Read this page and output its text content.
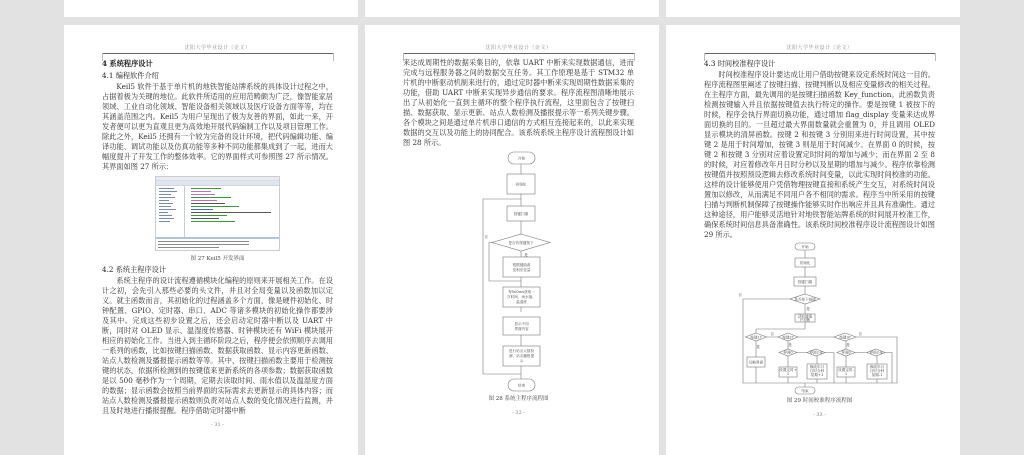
沈阳大学毕业设计（论文）
4 系统程序设计
4.1 编程软件介绍

Keil5 软件于基于单片机的地铁智能站牌系统的具体设计过程之中，占据着极为关键的地位。此软件所适用的应用范畴颇为广泛，像智能家居领域、工业自动化领域、智能设备相关领域以及医疗设备方面等等，均在其涵盖范围之内。Keil5 为用户呈现出了极为友善的界面，如此一来，开发者便可以更为直观且更为高效地开展代码编制工作以及项目管理工作。除此之外，Keil5 还拥有一个较为完备的设计环境，把代码编辑功能、编译功能、调试功能以及仿真功能等多种不同功能都集成到了一起，进而大幅度提升了开发工作的整体效率。它的界面样式可参照图 27 所示情况。其界面如图 27 所示：

图 27 Keil5 开发界面
4.2 系统主程序设计

系统主程序的设计流程遵循模块化编程的原则来开展相关工作。在设计之初，会先引入那些必要的头文件，并且对全局变量以及函数加以定义。就主函数而言，其初始化的过程涵盖多个方面，像是硬件初始化、时钟配置、GPIO、定时器、串口、ADC 等诸多模块的初始化操作都要涉及其中。完成这些初步设置之后，还会启动定时器中断以及 UART 中断，同时对 OLED 显示、温湿度传感器、时钟模块还有 WiFi 模块展开相应的初始化工作。当进入到主循环阶段之后，程序便会依照顺序去调用一系列的函数，比如按键扫描函数、数据获取函数、显示内容更新函数、站点人数检测及播报提示函数等等。其中，按键扫描函数主要用于检测按键的状态，依据所检测到的按键值来更新系统的各项参数；数据获取函数是以 500 毫秒作为一个周期，定期去读取时间、雨水值以及温湿度方面的数据；显示函数会按照当前界面的实际需求去更新显示的具体内容；而站点人数检测及播报提示函数则负责对站点人数的变化情况进行监测，并且及时地进行播报提醒。程序借助定时器中断

- 31 -
沈阳大学毕业设计（论文）

来达成周期性的数据采集目的，依靠 UART 中断来实现数据通信，进而完成与远程服务器之间的数据交互任务。其工作原理是基于 STM32 单片机的中断驱动机制来进行的，通过定时器中断来实现周期性数据采集的功能，借助 UART 中断来实现异步通信的要求。程序流程图清晰地展示出了从初始化一直到主循环的整个程序执行流程，这里面包含了按键扫描、数据获取、显示更新、站点人数检测及播报提示等一系列关键步骤。各个模块之间是通过单片机串口通信的方式相互连接起来的，以此来实现数据的交互以及功能上的协同配合。该系统系统主程序设计流程图设计如图 28 所示。

开始
初始化
按键扫描
是否有按键按下
否
是
根据键值改
变相应变量
每500ms获取一
次时间、雨水值、
温湿度
显示不同
界面内容
进行站点人数检
测、站点播报提
示
结束
图 28 系统主程序流程图
- 32 -
沈阳大学毕业设计（论文）
4.3 时间校准程序设计

时间校准程序设计要达成让用户借助按键来设定系统时间这一目的。程序流程图里阐述了按键扫描、按键判断以及相应变量修改的相关过程。在主程序方面，最先调用的是按键扫描函数 Key_function。此函数负责检测按键输入并且依据按键值去执行特定的操作。要是按键 1 被按下的时候，程序会执行界面切换功能，通过增加 flag_display 变量来达成界面切换的目的。一旦超过最大界面数量就会重置为 0，并且调用 OLED 显示模块的清屏函数。按键 2 和按键 3 分别用来进行时间设置，其中按键 2 是用于时间增加，按键 3 则是用于时间减少。在界面 0 的时候，按键 2 和按键 3 分别对应着设置定时时间的增加与减少；而在界面 2 至 8 的时候，对应着修改年月日时分秒以及星期的增加与减少。程序依靠检测按键值并按照预设逻辑去修改系统时间变量，以此实现时间校准的功能。这样的设计能够使用户凭借物理按键直接和系统产生交互，对系统时间设置加以修改，从而满足不同用户各不相同的需求。程序当中所采用的按键扫描与判断机制保障了按键操作能够实时作出响应并且具有准确性。通过这种途径，用户能够灵活地针对地铁智能站牌系统的时间展开校准工作，确保系统时间信息具备准确性。该系统时间校准程序设计流程图设计如图 29 所示。

开始
初始化
按键扫描
是否按下按键
否
是
获取键值
并判断
按键1?	按键2?	按键3?
否
是	是	是
否
界面0	界面2-8	界面0	界面2-8
切换界面
设置定时+
1
修改年月
日时分秒
星期+1
设置定时-
1
修改年月
日时分秒
星期-1
结束
图 29 时间校准程序流程图
- 33 -
